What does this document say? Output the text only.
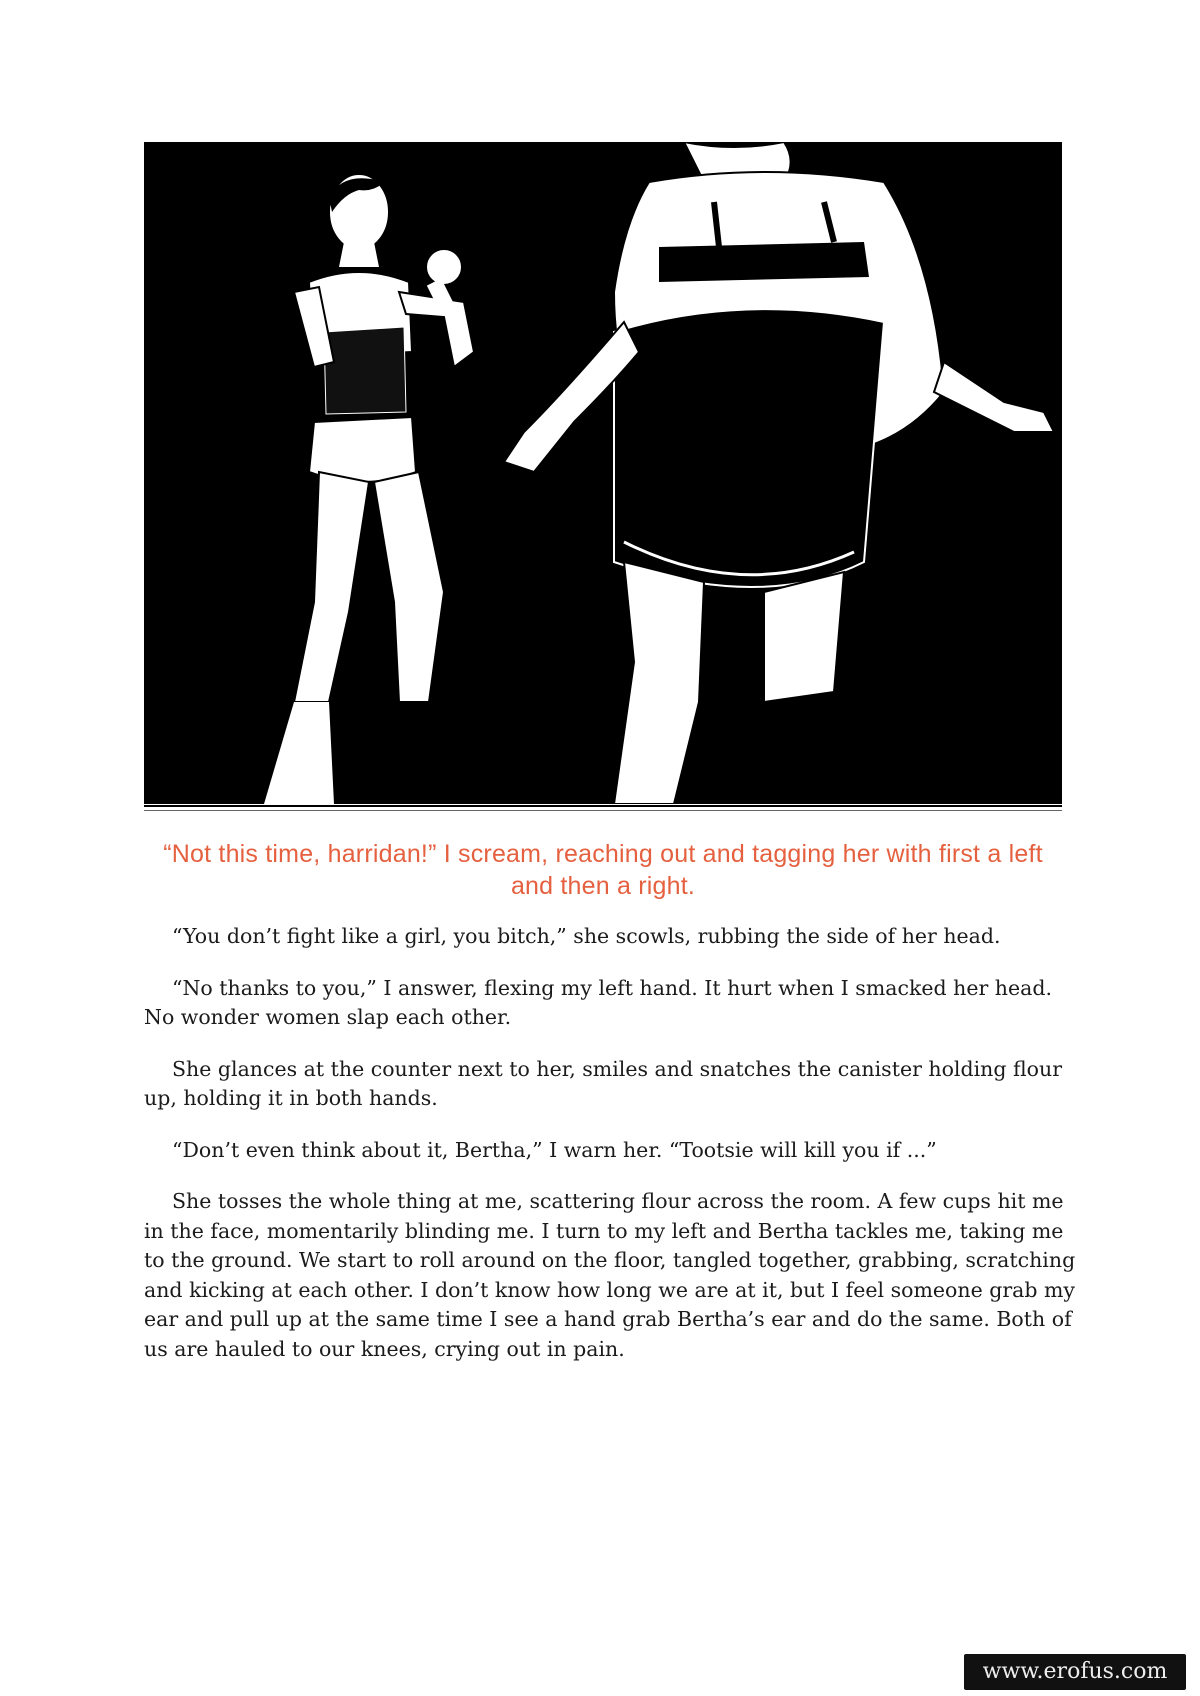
“Not this time, harridan!” I scream, reaching out and tagging her with first a left
and then a right.

“You don’t fight like a girl, you bitch,” she scowls, rubbing the side of her head.

“No thanks to you,” I answer, flexing my left hand. It hurt when I smacked her head.
No wonder women slap each other.

She glances at the counter next to her, smiles and snatches the canister holding flour
up, holding it in both hands.

“Don’t even think about it, Bertha,” I warn her. “Tootsie will kill you if ...”

She tosses the whole thing at me, scattering flour across the room. A few cups hit me
in the face, momentarily blinding me. I turn to my left and Bertha tackles me, taking me
to the ground. We start to roll around on the floor, tangled together, grabbing, scratching
and kicking at each other. I don’t know how long we are at it, but I feel someone grab my
ear and pull up at the same time I see a hand grab Bertha’s ear and do the same. Both of
us are hauled to our knees, crying out in pain.

www.erofus.com
